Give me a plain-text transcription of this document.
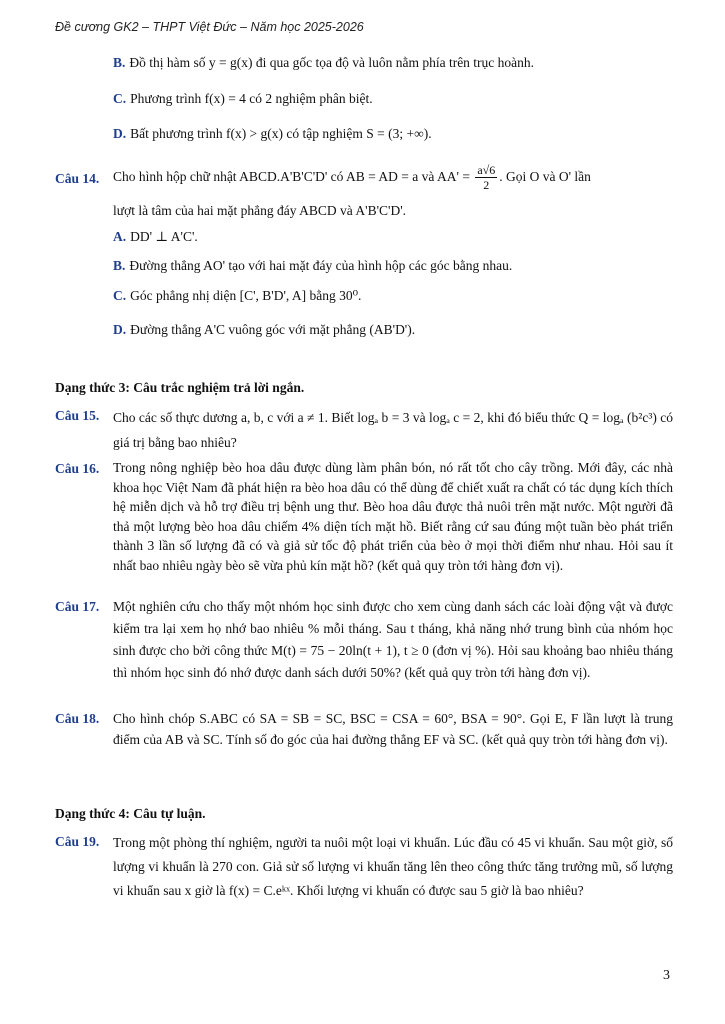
Đề cương GK2 – THPT Việt Đức – Năm học 2025-2026
B. Đồ thị hàm số y = g(x) đi qua gốc tọa độ và luôn nằm phía trên trục hoành.
C. Phương trình f(x) = 4 có 2 nghiệm phân biệt.
D. Bất phương trình f(x) > g(x) có tập nghiệm S = (3; +∞).
Câu 14. Cho hình hộp chữ nhật ABCD.A'B'C'D' có AB = AD = a và $AA' = \frac{a√6}{2}$ . Gọi O và O' lần
lượt là tâm của hai mặt phẳng đáy ABCD và A'B'C'D'.
A. DD' ⊥ A'C'.
B. Đường thẳng AO' tạo với hai mặt đáy của hình hộp các góc bằng nhau.
C. Góc phẳng nhị diện [C', B'D', A] bằng 30⁰.
D. Đường thẳng A'C vuông góc với mặt phẳng (AB'D').
Dạng thức 3: Câu trắc nghiệm trả lời ngắn.
Câu 15. Cho các số thực dương a, b, c với a ≠ 1. Biết logₐ b = 3 và logₐ c = 2, khi đó biểu thức Q = logₐ (b²c³) có giá trị bằng bao nhiêu?
Câu 16. Trong nông nghiệp bèo hoa dâu được dùng làm phân bón, nó rất tốt cho cây trồng. Mới đây, các nhà khoa học Việt Nam đã phát hiện ra bèo hoa dâu có thể dùng để chiết xuất ra chất có tác dụng kích thích hệ miễn dịch và hỗ trợ điều trị bệnh ung thư. Bèo hoa dâu được thả nuôi trên mặt nước. Một người đã thả một lượng bèo hoa dâu chiếm 4% diện tích mặt hồ. Biết rằng cứ sau đúng một tuần bèo phát triển thành 3 lần số lượng đã có và giả sử tốc độ phát triển của bèo ở mọi thời điểm như nhau. Hỏi sau ít nhất bao nhiêu ngày bèo sẽ vừa phủ kín mặt hồ? (kết quả quy tròn tới hàng đơn vị).
Câu 17. Một nghiên cứu cho thấy một nhóm học sinh được cho xem cùng danh sách các loài động vật và được kiểm tra lại xem họ nhớ bao nhiêu % mỗi tháng. Sau t tháng, khả năng nhớ trung bình của nhóm học sinh được cho bởi công thức M(t) = 75 − 20ln(t + 1), t ≥ 0 (đơn vị %). Hỏi sau khoảng bao nhiêu tháng thì nhóm học sinh đó nhớ được danh sách dưới 50%? (kết quả quy tròn tới hàng đơn vị).
Câu 18. Cho hình chóp S.ABC có SA = SB = SC, BSC = CSA = 60°, BSA = 90°. Gọi E, F lần lượt là trung điểm của AB và SC. Tính số đo góc của hai đường thẳng EF và SC. (kết quả quy tròn tới hàng đơn vị).
Dạng thức 4: Câu tự luận.
Câu 19. Trong một phòng thí nghiệm, người ta nuôi một loại vi khuẩn. Lúc đầu có 45 vi khuẩn. Sau một giờ, số lượng vi khuẩn là 270 con. Giả sử số lượng vi khuẩn tăng lên theo công thức tăng trưởng mũ, số lượng vi khuẩn sau x giờ là f(x) = C.eᵏˣ. Khối lượng vi khuẩn có được sau 5 giờ là bao nhiêu?
3
